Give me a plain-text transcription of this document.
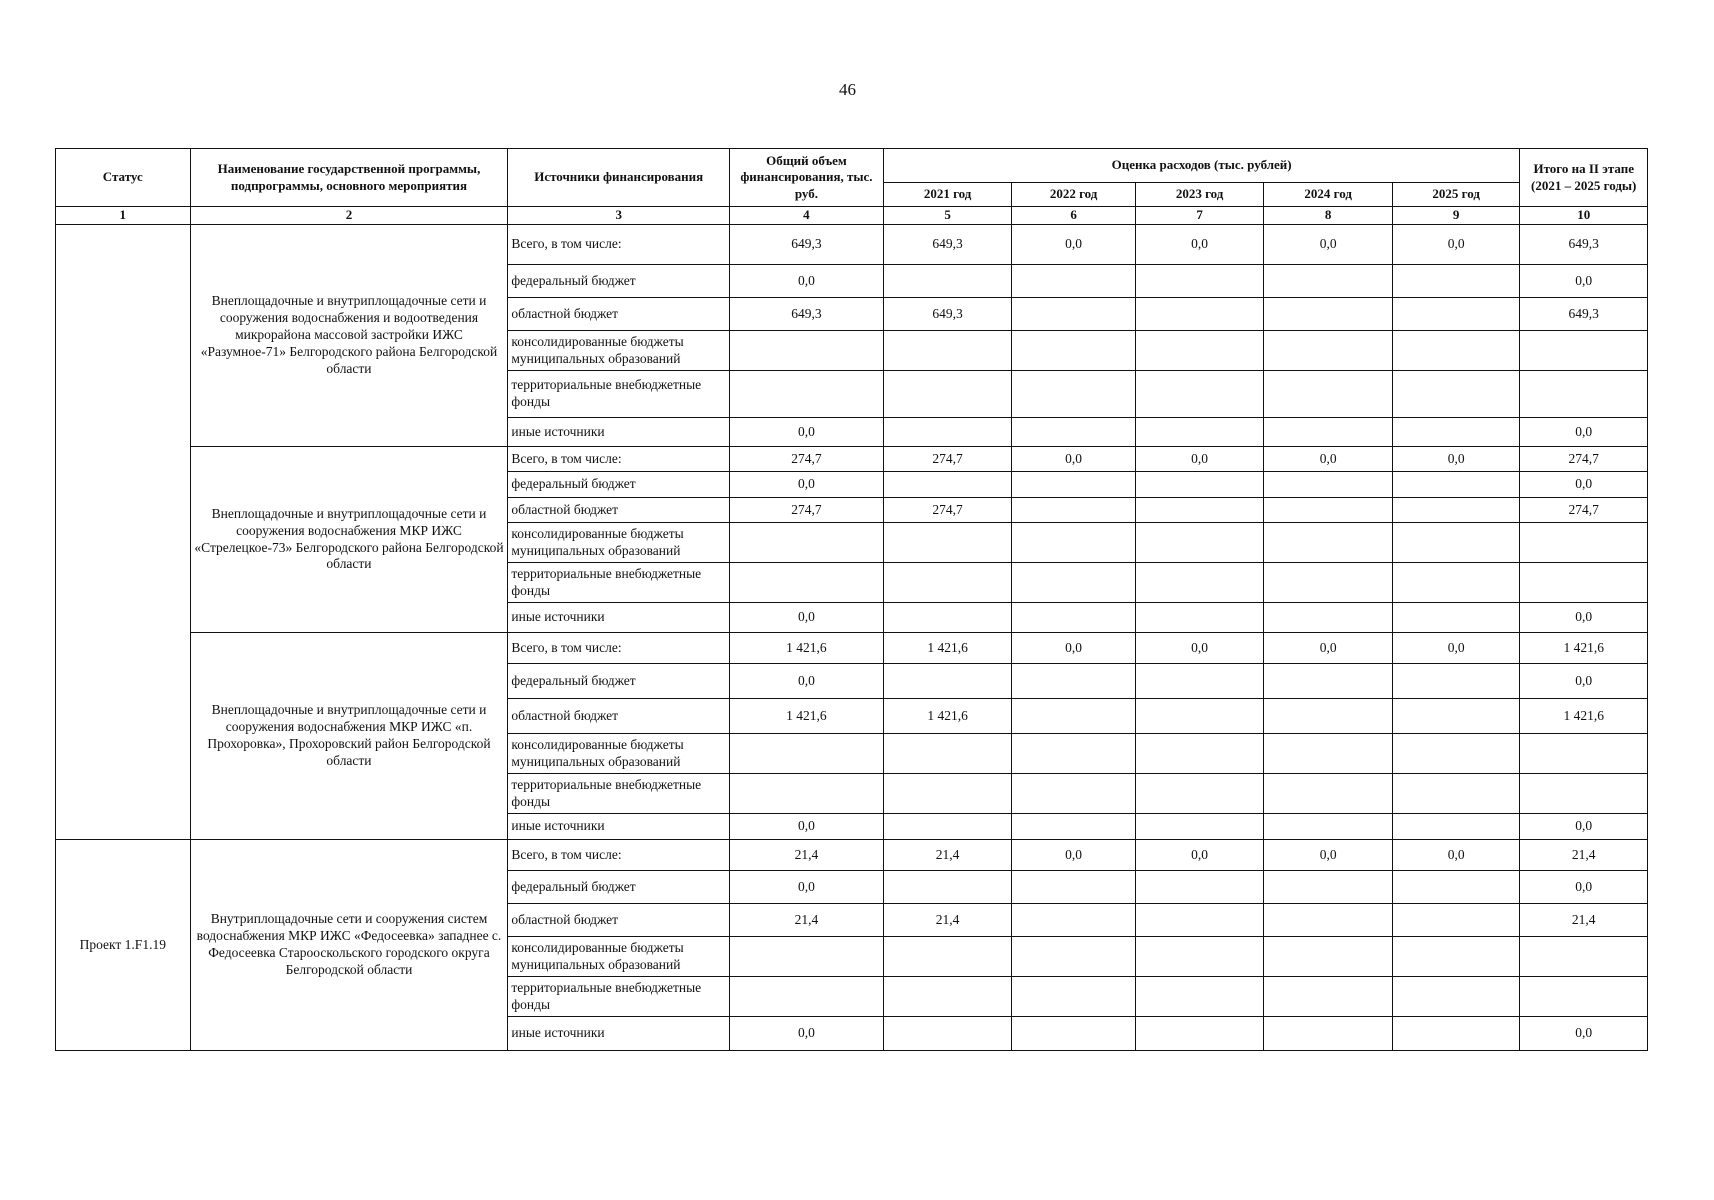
46
Статус	Наименование государственной программы, подпрограммы, основного мероприятия	Источники финансирования	Общий объем финансирования, тыс. руб.	Оценка расходов (тыс. рублей)					Итого на II этапе (2021 – 2025 годы)
				2021 год	2022 год	2023 год	2024 год	2025 год	
1	2	3	4	5	6	7	8	9	10
	Внеплощадочные и внутриплощадочные сети и сооружения водоснабжения и водоотведения микрорайона массовой застройки ИЖС «Разумное-71» Белгородского района Белгородской области	Всего, в том числе:	649,3	649,3	0,0	0,0	0,0	0,0	649,3
		федеральный бюджет	0,0						0,0
		областной бюджет	649,3	649,3					649,3
		консолидированные бюджеты муниципальных образований							
		территориальные внебюджетные фонды							
		иные источники	0,0						0,0
	Внеплощадочные и внутриплощадочные сети и сооружения водоснабжения МКР ИЖС «Стрелецкое-73» Белгородского района Белгородской области	Всего, в том числе:	274,7	274,7	0,0	0,0	0,0	0,0	274,7
		федеральный бюджет	0,0						0,0
		областной бюджет	274,7	274,7					274,7
		консолидированные бюджеты муниципальных образований							
		территориальные внебюджетные фонды							
		иные источники	0,0						0,0
	Внеплощадочные и внутриплощадочные сети и сооружения водоснабжения МКР ИЖС «п. Прохоровка», Прохоровский район Белгородской области	Всего, в том числе:	1 421,6	1 421,6	0,0	0,0	0,0	0,0	1 421,6
		федеральный бюджет	0,0						0,0
		областной бюджет	1 421,6	1 421,6					1 421,6
		консолидированные бюджеты муниципальных образований							
		территориальные внебюджетные фонды							
		иные источники	0,0						0,0
Проект 1.F1.19	Внутриплощадочные сети и сооружения систем водоснабжения МКР ИЖС «Федосеевка» западнее с. Федосеевка Старооскольского городского округа Белгородской области	Всего, в том числе:	21,4	21,4	0,0	0,0	0,0	0,0	21,4
		федеральный бюджет	0,0						0,0
		областной бюджет	21,4	21,4					21,4
		консолидированные бюджеты муниципальных образований							
		территориальные внебюджетные фонды							
		иные источники	0,0						0,0
